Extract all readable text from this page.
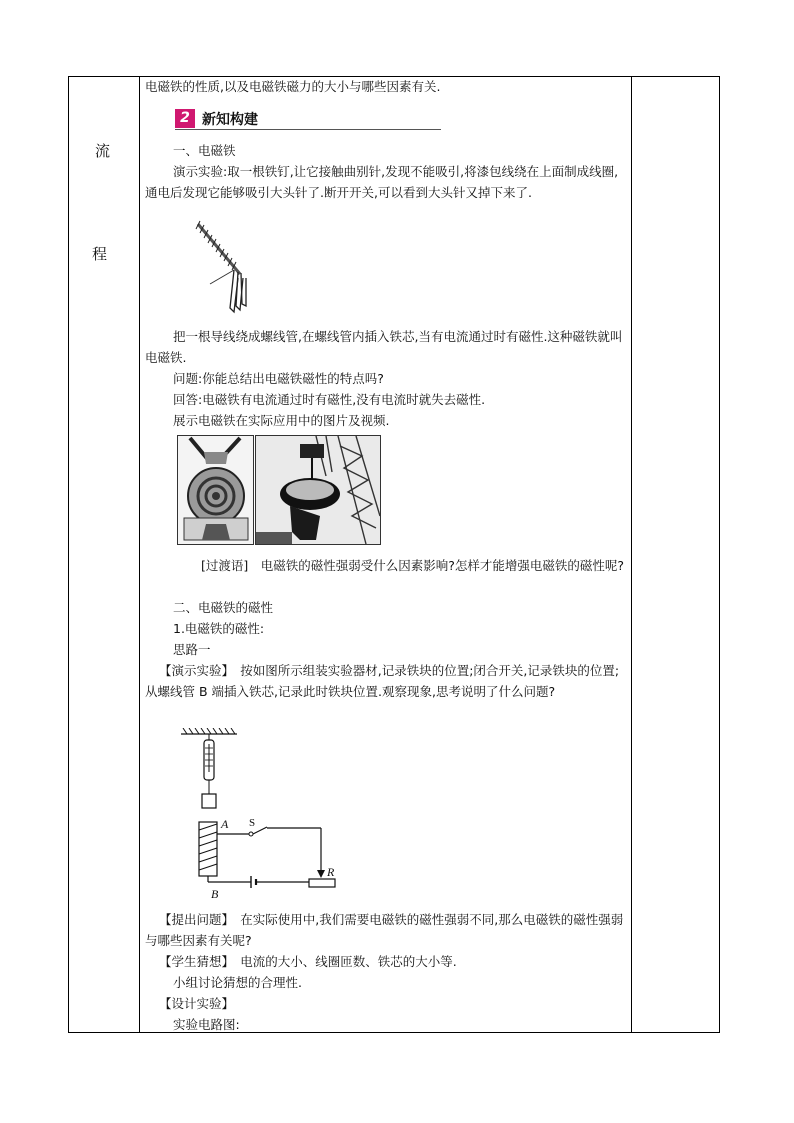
流
程

电磁铁的性质,以及电磁铁磁力的大小与哪些因素有关.

2 新知构建

一、电磁铁

演示实验:取一根铁钉,让它接触曲别针,发现不能吸引,将漆包线绕在上面制成线圈,通电后发现它能够吸引大头针了.断开开关,可以看到大头针又掉下来了.

把一根导线绕成螺线管,在螺线管内插入铁芯,当有电流通过时有磁性.这种磁铁就叫电磁铁.

问题:你能总结出电磁铁磁性的特点吗?

回答:电磁铁有电流通过时有磁性,没有电流时就失去磁性.

展示电磁铁在实际应用中的图片及视频.

[过渡语]　电磁铁的磁性强弱受什么因素影响?怎样才能增强电磁铁的磁性呢?

二、电磁铁的磁性

1.电磁铁的磁性:

思路一

【演示实验】　按如图所示组装实验器材,记录铁块的位置;闭合开关,记录铁块的位置;从螺线管 B 端插入铁芯,记录此时铁块位置.观察现象,思考说明了什么问题?

A S
R
B

【提出问题】　在实际使用中,我们需要电磁铁的磁性强弱不同,那么电磁铁的磁性强弱与哪些因素有关呢?

【学生猜想】　电流的大小、线圈匝数、铁芯的大小等.

小组讨论猜想的合理性.

【设计实验】

实验电路图:
